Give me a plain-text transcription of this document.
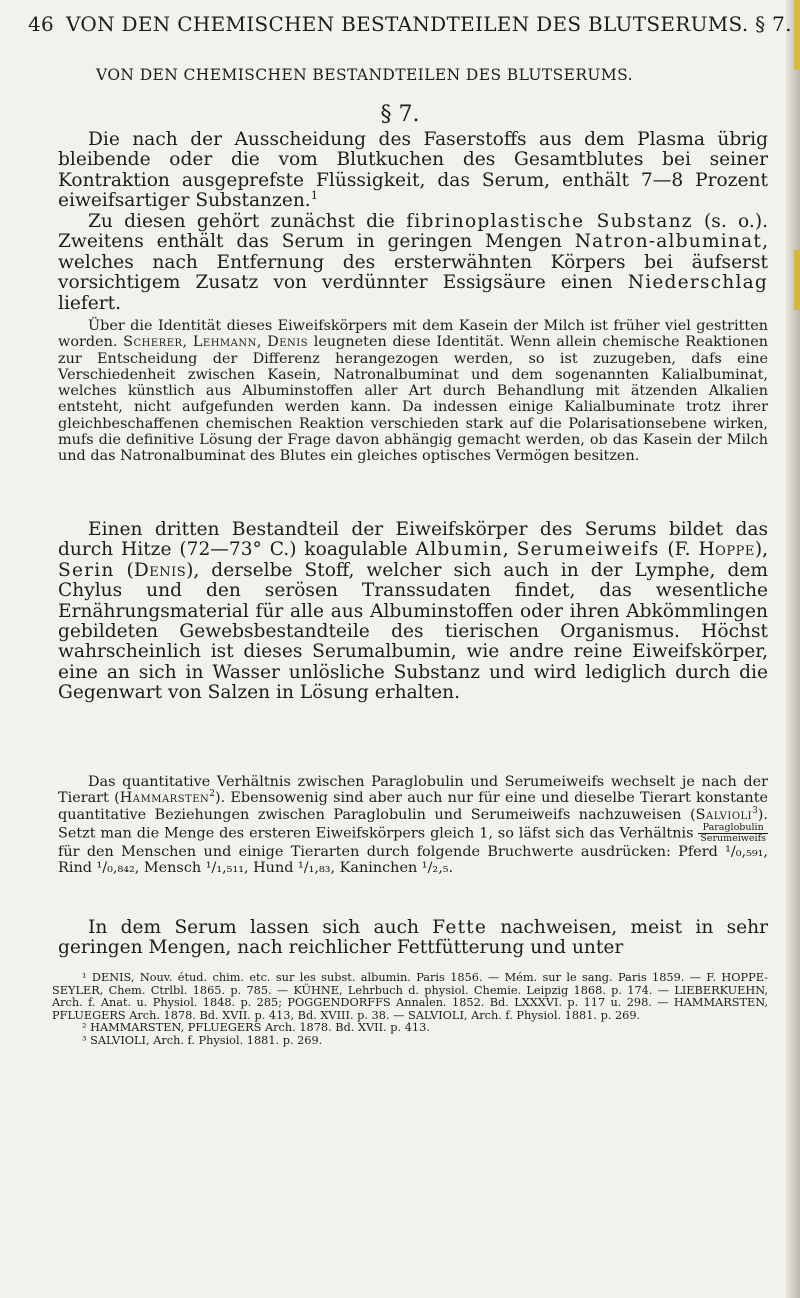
46 VON DEN CHEMISCHEN BESTANDTEILEN DES BLUTSERUMS. § 7.
VON DEN CHEMISCHEN BESTANDTEILEN DES BLUTSERUMS.
§ 7.

Die nach der Ausscheidung des Faserstoffs aus dem Plasma übrig bleibende oder die vom Blutkuchen des Gesamtblutes bei seiner Kontraktion ausgeprefste Flüssigkeit, das Serum, enthält 7—8 Prozent eiweifsartiger Substanzen.$^1$

Zu diesen gehört zunächst die fibrinoplastische Substanz (s. o.). Zweitens enthält das Serum in geringen Mengen Natron-albuminat, welches nach Entfernung des ersterwähnten Körpers bei äufserst vorsichtigem Zusatz von verdünnter Essigsäure einen Niederschlag liefert.

Über die Identität dieses Eiweifskörpers mit dem Kasein der Milch ist früher viel gestritten worden. Scherer, Lehmann, Denis leugneten diese Identität. Wenn allein chemische Reaktionen zur Entscheidung der Differenz herangezogen werden, so ist zuzugeben, dafs eine Verschiedenheit zwischen Kasein, Natronalbuminat und dem sogenannten Kalialbuminat, welches künstlich aus Albuminstoffen aller Art durch Behandlung mit ätzenden Alkalien entsteht, nicht aufgefunden werden kann. Da indessen einige Kalialbuminate trotz ihrer gleichbeschaffenen chemischen Reaktion verschieden stark auf die Polarisationsebene wirken, mufs die definitive Lösung der Frage davon abhängig gemacht werden, ob das Kasein der Milch und das Natronalbuminat des Blutes ein gleiches optisches Vermögen besitzen.

Einen dritten Bestandteil der Eiweifskörper des Serums bildet das durch Hitze (72—73° C.) koagulable Albumin, Serumeiweifs (F. Hoppe), Serin (Denis), derselbe Stoff, welcher sich auch in der Lymphe, dem Chylus und den serösen Transsudaten findet, das wesentliche Ernährungsmaterial für alle aus Albuminstoffen oder ihren Abkömmlingen gebildeten Gewebsbestandteile des tierischen Organismus. Höchst wahrscheinlich ist dieses Serumalbumin, wie andre reine Eiweifskörper, eine an sich in Wasser unlösliche Substanz und wird lediglich durch die Gegenwart von Salzen in Lösung erhalten.

Das quantitative Verhältnis zwischen Paraglobulin und Serumeiweifs wechselt je nach der Tierart (Hammarsten$^2$). Ebensowenig sind aber auch nur für eine und dieselbe Tierart konstante quantitative Beziehungen zwischen Paraglobulin und Serumeiweifs nachzuweisen (Salvioli$^3$). Setzt man die Menge des ersteren Eiweifskörpers gleich 1, so läfst sich das Verhältnis $\frac{\text{Paraglobulin}}{\text{Serumeiweifs}}$
für den Menschen und einige Tierarten durch folgende Bruchwerte ausdrücken: Pferd ¹/₀,₅₉₁, Rind ¹/₀,₈₄₂, Mensch ¹/₁,₅₁₁, Hund ¹/₁,₈₃, Kaninchen ¹/₂,₅.

In dem Serum lassen sich auch Fette nachweisen, meist in sehr geringen Mengen, nach reichlicher Fettfütterung und unter

¹ DENIS, Nouv. étud. chim. etc. sur les subst. albumin. Paris 1856. — Mém. sur le sang. Paris 1859. — F. HOPPE-SEYLER, Chem. Ctrlbl. 1865. p. 785. — KÜHNE, Lehrbuch d. physiol. Chemie. Leipzig 1868. p. 174. — LIEBERKUEHN, Arch. f. Anat. u. Physiol. 1848. p. 285; POGGENDORFFS Annalen. 1852. Bd. LXXXVI. p. 117 u. 298. — HAMMARSTEN, PFLUEGERS Arch. 1878. Bd. XVII. p. 413, Bd. XVIII. p. 38. — SALVIOLI, Arch. f. Physiol. 1881. p. 269.
² HAMMARSTEN, PFLUEGERS Arch. 1878. Bd. XVII. p. 413.
³ SALVIOLI, Arch. f. Physiol. 1881. p. 269.
